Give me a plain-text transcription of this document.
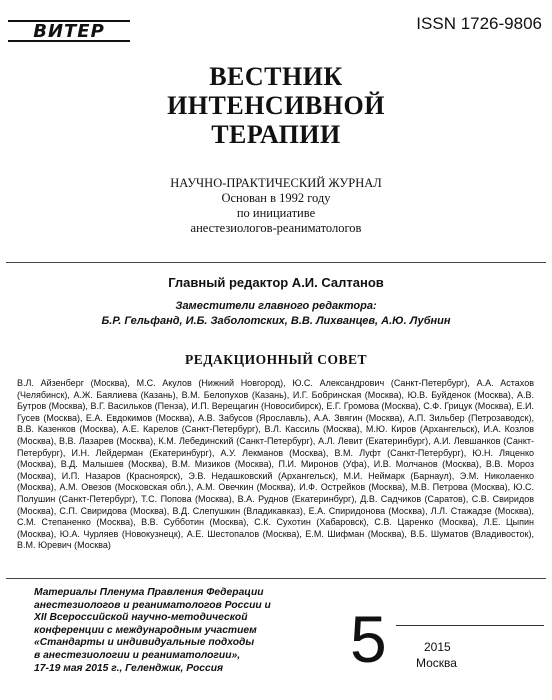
ВИТЕР	ISSN 1726-9806
ВЕСТНИК
ИНТЕНСИВНОЙ
ТЕРАПИИ
НАУЧНО-ПРАКТИЧЕСКИЙ ЖУРНАЛ
Основан в 1992 году
по инициативе
анестезиологов-реаниматологов
Главный редактор А.И. Салтанов
Заместители главного редактора:
Б.Р. Гельфанд, И.Б. Заболотских, В.В. Лихванцев, А.Ю. Лубнин
РЕДАКЦИОННЫЙ СОВЕТ
В.Л. Айзенберг (Москва), М.С. Акулов (Нижний Новгород), Ю.С. Александрович (Санкт-Петербург), А.А. Астахов (Челябинск), А.Ж. Баялиева (Казань), В.М. Белопухов (Казань), И.Г. Бобринская (Москва), Ю.В. Буйденок (Москва), А.В. Бутров (Москва), В.Г. Васильков (Пенза), И.П. Верещагин (Новосибирск), Е.Г. Громова (Москва), С.Ф. Грицук (Москва), Е.И. Гусев (Москва), Е.А. Евдокимов (Москва), А.В. Забусов (Ярославль), А.А. Звягин (Москва), А.П. Зильбер (Петрозаводск), В.В. Казенков (Москва), А.Е. Карелов (Санкт-Петербург), В.Л. Кассиль (Москва), М.Ю. Киров (Архангельск), И.А. Козлов (Москва), В.В. Лазарев (Москва), К.М. Лебединский (Санкт-Петербург), А.Л. Левит (Екатеринбург), А.И. Левшанков (Санкт-Петербург), И.Н. Лейдерман (Екатеринбург), А.У. Лекманов (Москва), В.М. Луфт (Санкт-Петербург), Ю.Н. Ляценко (Москва), В.Д. Малышев (Москва), В.М. Мизиков (Москва), П.И. Миронов (Уфа), И.В. Молчанов (Москва), В.В. Мороз (Москва), И.П. Назаров (Красноярск), Э.В. Недашковский (Архангельск), М.И. Неймарк (Барнаул), Э.М. Николаенко (Москва), А.М. Овезов (Московская обл.), А.М. Овечкин (Москва), И.Ф. Острейков (Москва), М.В. Петрова (Москва), Ю.С. Полушин (Санкт-Петербург), Т.С. Попова (Москва), В.А. Руднов (Екатеринбург), Д.В. Садчиков (Саратов), С.В. Свиридов (Москва), С.П. Свиридова (Москва), В.Д. Слепушкин (Владикавказ), Е.А. Спиридонова (Москва), Л.Л. Стажадзе (Москва), С.М. Степаненко (Москва), В.В. Субботин (Москва), С.К. Сухотин (Хабаровск), С.В. Царенко (Москва), Л.Е. Цыпин (Москва), Ю.А. Чурляев (Новокузнецк), А.Е. Шестопалов (Москва), Е.М. Шифман (Москва), В.Б. Шуматов (Владивосток), В.М. Юревич (Москва)
Материалы Пленума Правления Федерации
анестезиологов и реаниматологов России и
XII Всероссийской научно-методической
конференции с международным участием
«Стандарты и индивидуальные подходы
в анестезиологии и реаниматологии»,
17-19 мая 2015 г., Геленджик, Россия	5	2015
Москва
